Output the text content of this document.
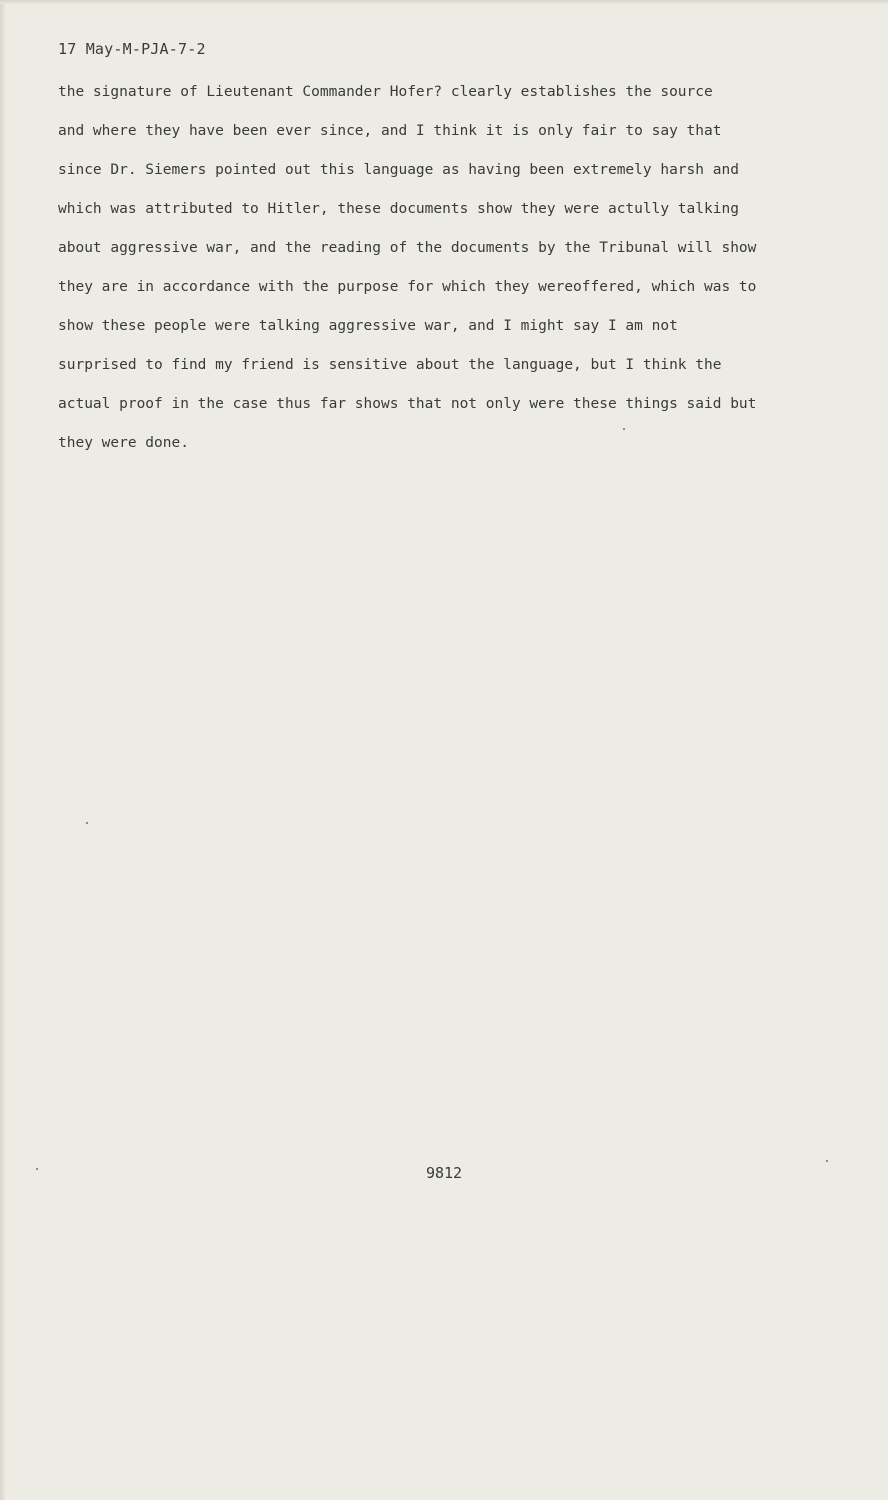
17 May-M-PJA-7-2
the signature of Lieutenant Commander Hofer? clearly establishes the source
and where they have been ever since, and I think it is only fair to say that
since Dr. Siemers pointed out this language as having been extremely harsh and
which was attributed to Hitler, these documents show they were actully talking
about aggressive war, and the reading of the documents by the Tribunal will show
they are in accordance with the purpose for which they wereoffered, which was to
show these people were talking aggressive war, and I might say I am not
surprised to find my friend is sensitive about the language, but I think the
actual proof in the case thus far shows that not only were these things said but
they were done.
9812
